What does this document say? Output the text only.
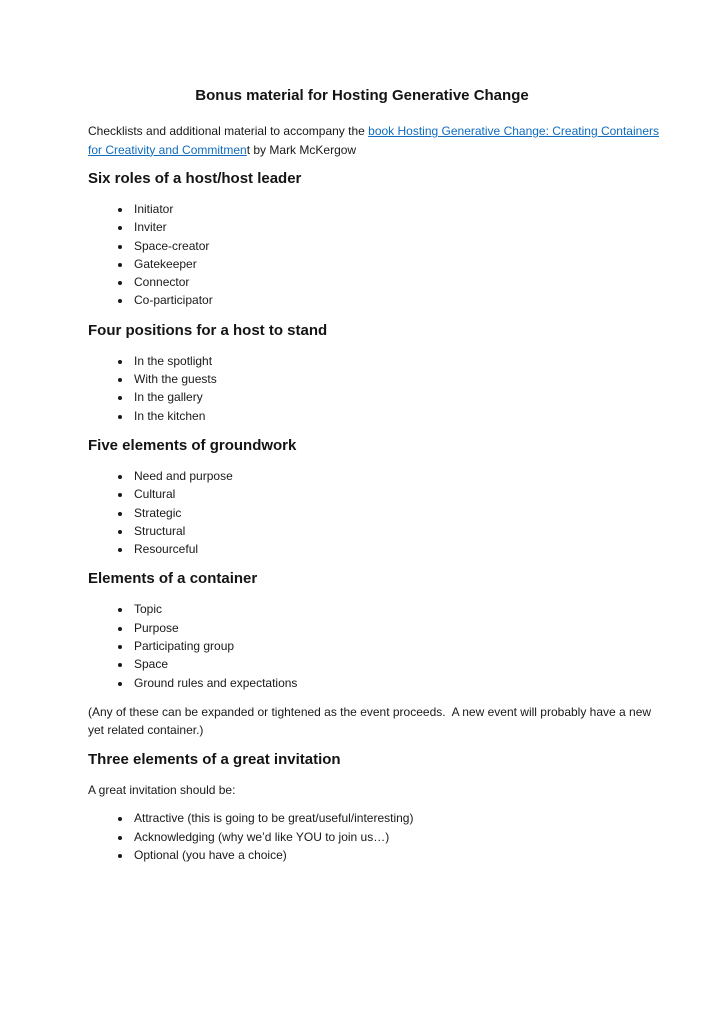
Bonus material for Hosting Generative Change

Checklists and additional material to accompany the book Hosting Generative Change: Creating Containers for Creativity and Commitment by Mark McKergow

Six roles of a host/host leader
• Initiator
• Inviter
• Space-creator
• Gatekeeper
• Connector
• Co-participator
Four positions for a host to stand
• In the spotlight
• With the guests
• In the gallery
• In the kitchen
Five elements of groundwork
• Need and purpose
• Cultural
• Strategic
• Structural
• Resourceful
Elements of a container
• Topic
• Purpose
• Participating group
• Space
• Ground rules and expectations

(Any of these can be expanded or tightened as the event proceeds.  A new event will probably have a new yet related container.)

Three elements of a great invitation

A great invitation should be:

• Attractive (this is going to be great/useful/interesting)
• Acknowledging (why we’d like YOU to join us…)
• Optional (you have a choice)
